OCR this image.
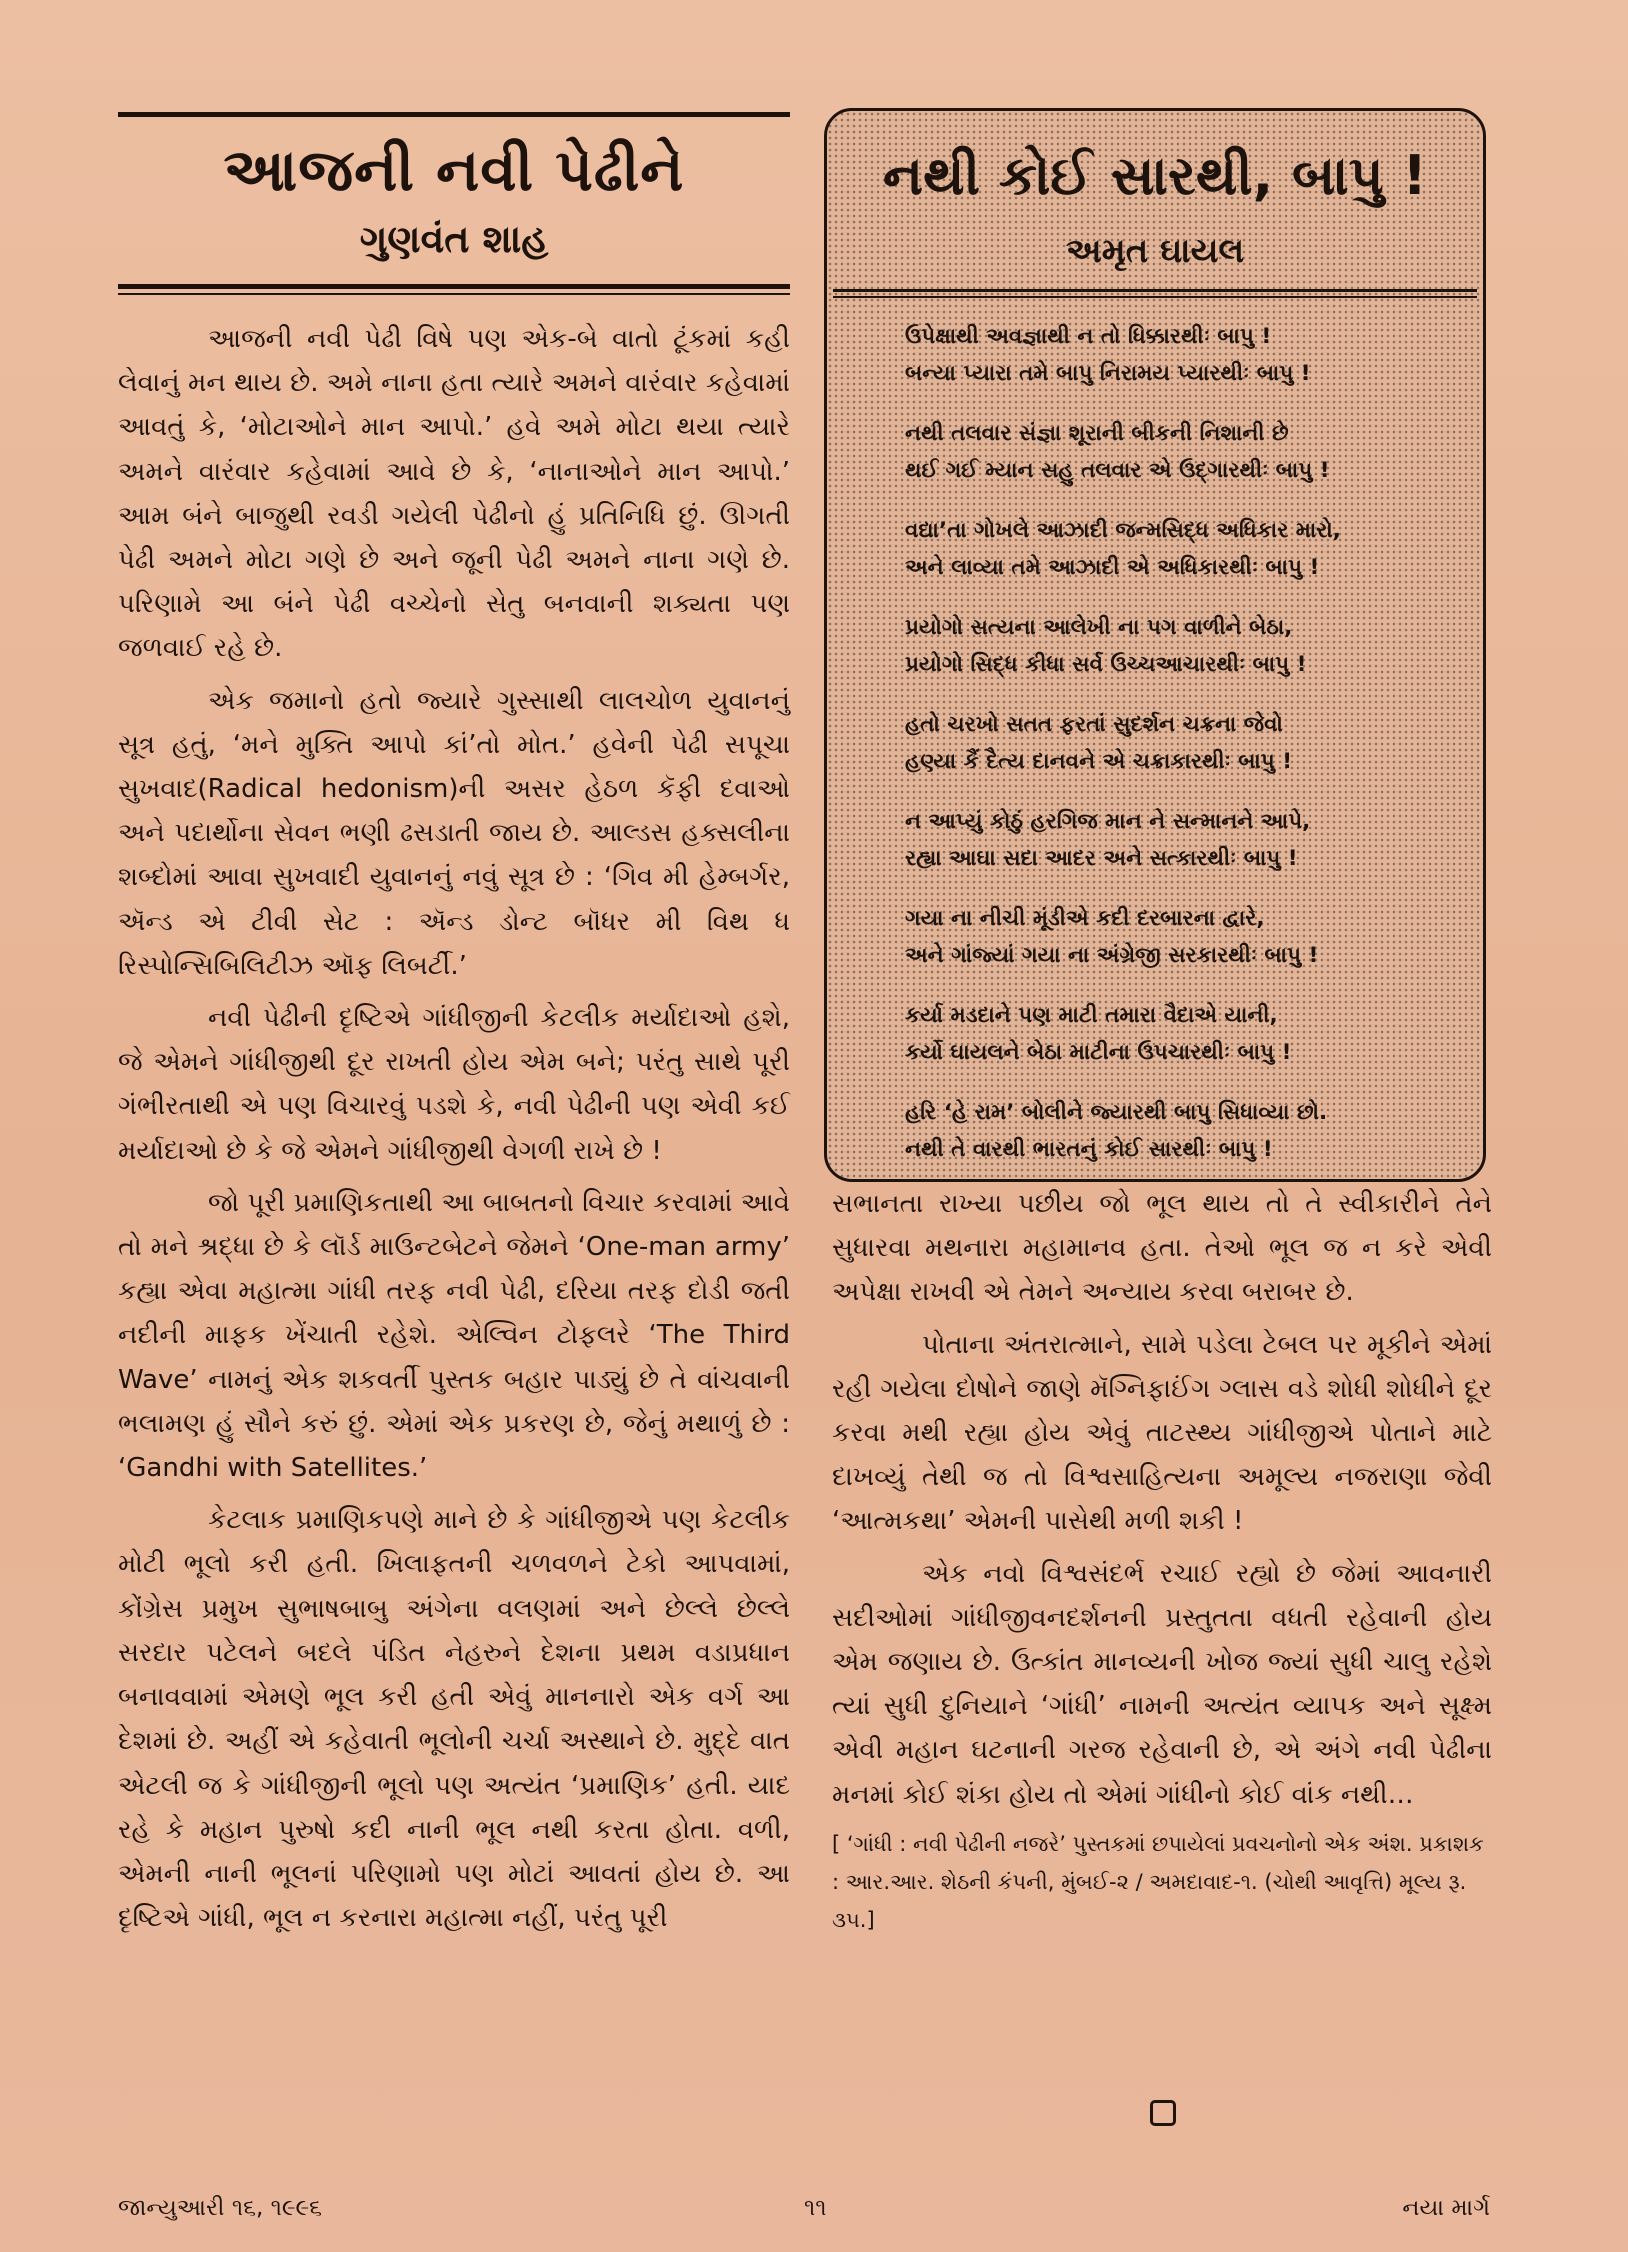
આજની નવી પેઢીને
ગુણવંત શાહ

આજની નવી પેઢી વિષે પણ એક-બે વાતો ટૂંકમાં કહી લેવાનું મન થાય છે. અમે નાના હતા ત્યારે અમને વારંવાર કહેવામાં આવતું કે, ‘મોટાઓને માન આપો.’ હવે અમે મોટા થયા ત્યારે અમને વારંવાર કહેવામાં આવે છે કે, ‘નાનાઓને માન આપો.’ આમ બંને બાજુથી રવડી ગયેલી પેઢીનો હું પ્રતિનિધિ છું. ઊગતી પેઢી અમને મોટા ગણે છે અને જૂની પેઢી અમને નાના ગણે છે. પરિણામે આ બંને પેઢી વચ્ચેનો સેતુ બનવાની શક્યતા પણ જળવાઈ રહે છે.

એક જમાનો હતો જ્યારે ગુસ્સાથી લાલચોળ યુવાનનું સૂત્ર હતું, ‘મને મુક્તિ આપો કાં’તો મોત.’ હવેની પેઢી સપૂચા સુખવાદ(Radical hedonism)ની અસર હેઠળ કૅફી દવાઓ અને પદાર્થોના સેવન ભણી ઢસડાતી જાય છે. આલ્ડસ હક્સલીના શબ્દોમાં આવા સુખવાદી યુવાનનું નવું સૂત્ર છે : ‘ગિવ મી હેમ્બર્ગર, ઍન્ડ એ ટીવી સેટ : ઍન્ડ ડોન્ટ બૉધર મી વિથ ધ રિસ્પોન્સિબિલિટીઝ ઑફ લિબર્ટી.’

નવી પેઢીની દૃષ્ટિએ ગાંધીજીની કેટલીક મર્યાદાઓ હશે, જે એમને ગાંધીજીથી દૂર રાખતી હોય એમ બને; પરંતુ સાથે પૂરી ગંભીરતાથી એ પણ વિચારવું પડશે કે, નવી પેઢીની પણ એવી કઈ મર્યાદાઓ છે કે જે એમને ગાંધીજીથી વેગળી રાખે છે !

જો પૂરી પ્રમાણિકતાથી આ બાબતનો વિચાર કરવામાં આવે તો મને શ્રદ્ધા છે કે લૉર્ડ માઉન્ટબેટને જેમને ‘One-man army’ કહ્યા એવા મહાત્મા ગાંધી તરફ નવી પેઢી, દરિયા તરફ દોડી જતી નદીની માફક ખેંચાતી રહેશે. એલ્વિન ટોફલરે ‘The Third Wave’ નામનું એક શકવર્તી પુસ્તક બહાર પાડ્યું છે તે વાંચવાની ભલામણ હું સૌને કરું છું. એમાં એક પ્રકરણ છે, જેનું મથાળું છે : ‘Gandhi with Satellites.’

કેટલાક પ્રમાણિકપણે માને છે કે ગાંધીજીએ પણ કેટલીક મોટી ભૂલો કરી હતી. ખિલાફતની ચળવળને ટેકો આપવામાં, કોંગ્રેસ પ્રમુખ સુભાષબાબુ અંગેના વલણમાં અને છેલ્લે છેલ્લે સરદાર પટેલને બદલે પંડિત નેહરુને દેશના પ્રથમ વડાપ્રધાન બનાવવામાં એમણે ભૂલ કરી હતી એવું માનનારો એક વર્ગ આ દેશમાં છે. અહીં એ કહેવાતી ભૂલોની ચર્ચા અસ્થાને છે. મુદ્દે વાત એટલી જ કે ગાંધીજીની ભૂલો પણ અત્યંત ‘પ્રમાણિક’ હતી. યાદ રહે કે મહાન પુરુષો કદી નાની ભૂલ નથી કરતા હોતા. વળી, એમની નાની ભૂલનાં પરિણામો પણ મોટાં આવતાં હોય છે. આ દૃષ્ટિએ ગાંધી, ભૂલ ન કરનારા મહાત્મા નહીં, પરંતુ પૂરી

નથી કોઈ સારથી, બાપુ !
અમૃત ઘાયલ
ઉપેક્ષાથી અવજ્ઞાથી ન તો ધિક્કારથીઃ બાપુ !
બન્યા પ્યારા તમે બાપુ નિરામય પ્યારથીઃ બાપુ !
નથી તલવાર સંજ્ઞા શૂરાની બીકની નિશાની છે
થઈ ગઈ મ્યાન સહુ તલવાર એ ઉદ્‌ગારથીઃ બાપુ !
વદ્યા’તા ગોખલે આઝાદી જન્મસિદ્ધ અધિકાર મારો,
અને લાવ્યા તમે આઝાદી એ અધિકારથીઃ બાપુ !
પ્રયોગો સત્યના આલેખી ના પગ વાળીને બેઠા,
પ્રયોગો સિદ્ધ કીધા સર્વ ઉચ્ચઆચારથીઃ બાપુ !
હતો ચરખો સતત ફરતાં સુદર્શન ચક્રના જેવો
હણ્યા કૈં દૈત્ય દાનવને એ ચક્રાકારથીઃ બાપુ !
ન આપ્યું કોઠું હરગિજ માન ને સન્માનને આપે,
રહ્યા આઘા સદા આદર અને સત્કારથીઃ બાપુ !
ગયા ના નીચી મૂંડીએ કદી દરબારના દ્વારે,
અને ગાંજ્યાં ગયા ના અંગ્રેજી સરકારથીઃ બાપુ !
કર્યા મડદાને પણ માટી તમારા વૈદાએ યાની,
કર્યો ઘાયલને બેઠા માટીના ઉપચારથીઃ બાપુ !
હરિ ‘હે રામ’ બોલીને જ્યારથી બાપુ સિધાવ્યા છો.
નથી તે વારથી ભારતનું કોઈ સારથીઃ બાપુ !

સભાનતા રાખ્યા પછીય જો ભૂલ થાય તો તે સ્વીકારીને તેને સુધારવા મથનારા મહામાનવ હતા. તેઓ ભૂલ જ ન કરે એવી અપેક્ષા રાખવી એ તેમને અન્યાય કરવા બરાબર છે.

પોતાના અંતરાત્માને, સામે પડેલા ટેબલ પર મૂકીને એમાં રહી ગયેલા દોષોને જાણે મૅગ્નિફાઈંગ ગ્લાસ વડે શોધી શોધીને દૂર કરવા મથી રહ્યા હોય એવું તાટસ્થ્ય ગાંધીજીએ પોતાને માટે દાખવ્યું તેથી જ તો વિશ્વસાહિત્યના અમૂલ્ય નજરાણા જેવી ‘આત્મકથા’ એમની પાસેથી મળી શકી !

એક નવો વિશ્વસંદર્ભ રચાઈ રહ્યો છે જેમાં આવનારી સદીઓમાં ગાંધીજીવનદર્શનની પ્રસ્તુતતા વધતી રહેવાની હોય એમ જણાય છે. ઉત્કાંત માનવ્યની ખોજ જ્યાં સુધી ચાલુ રહેશે ત્યાં સુધી દુનિયાને ‘ગાંધી’ નામની અત્યંત વ્યાપક અને સૂક્ષ્મ એવી મહાન ઘટનાની ગરજ રહેવાની છે, એ અંગે નવી પેઢીના મનમાં કોઈ શંકા હોય તો એમાં ગાંધીનો કોઈ વાંક નથી…

[ ‘ગાંધી : નવી પેઢીની નજરે’ પુસ્તકમાં છપાયેલાં પ્રવચનોનો એક અંશ. પ્રકાશક : આર.આર. શેઠની કંપની, મુંબઈ-૨ / અમદાવાદ-૧. (ચોથી આવૃત્તિ) મૂલ્ય રૂ. ૩૫.]
જાન્યુઆરી ૧૬, ૧૯૯૬	૧૧	નયા માર્ગ
